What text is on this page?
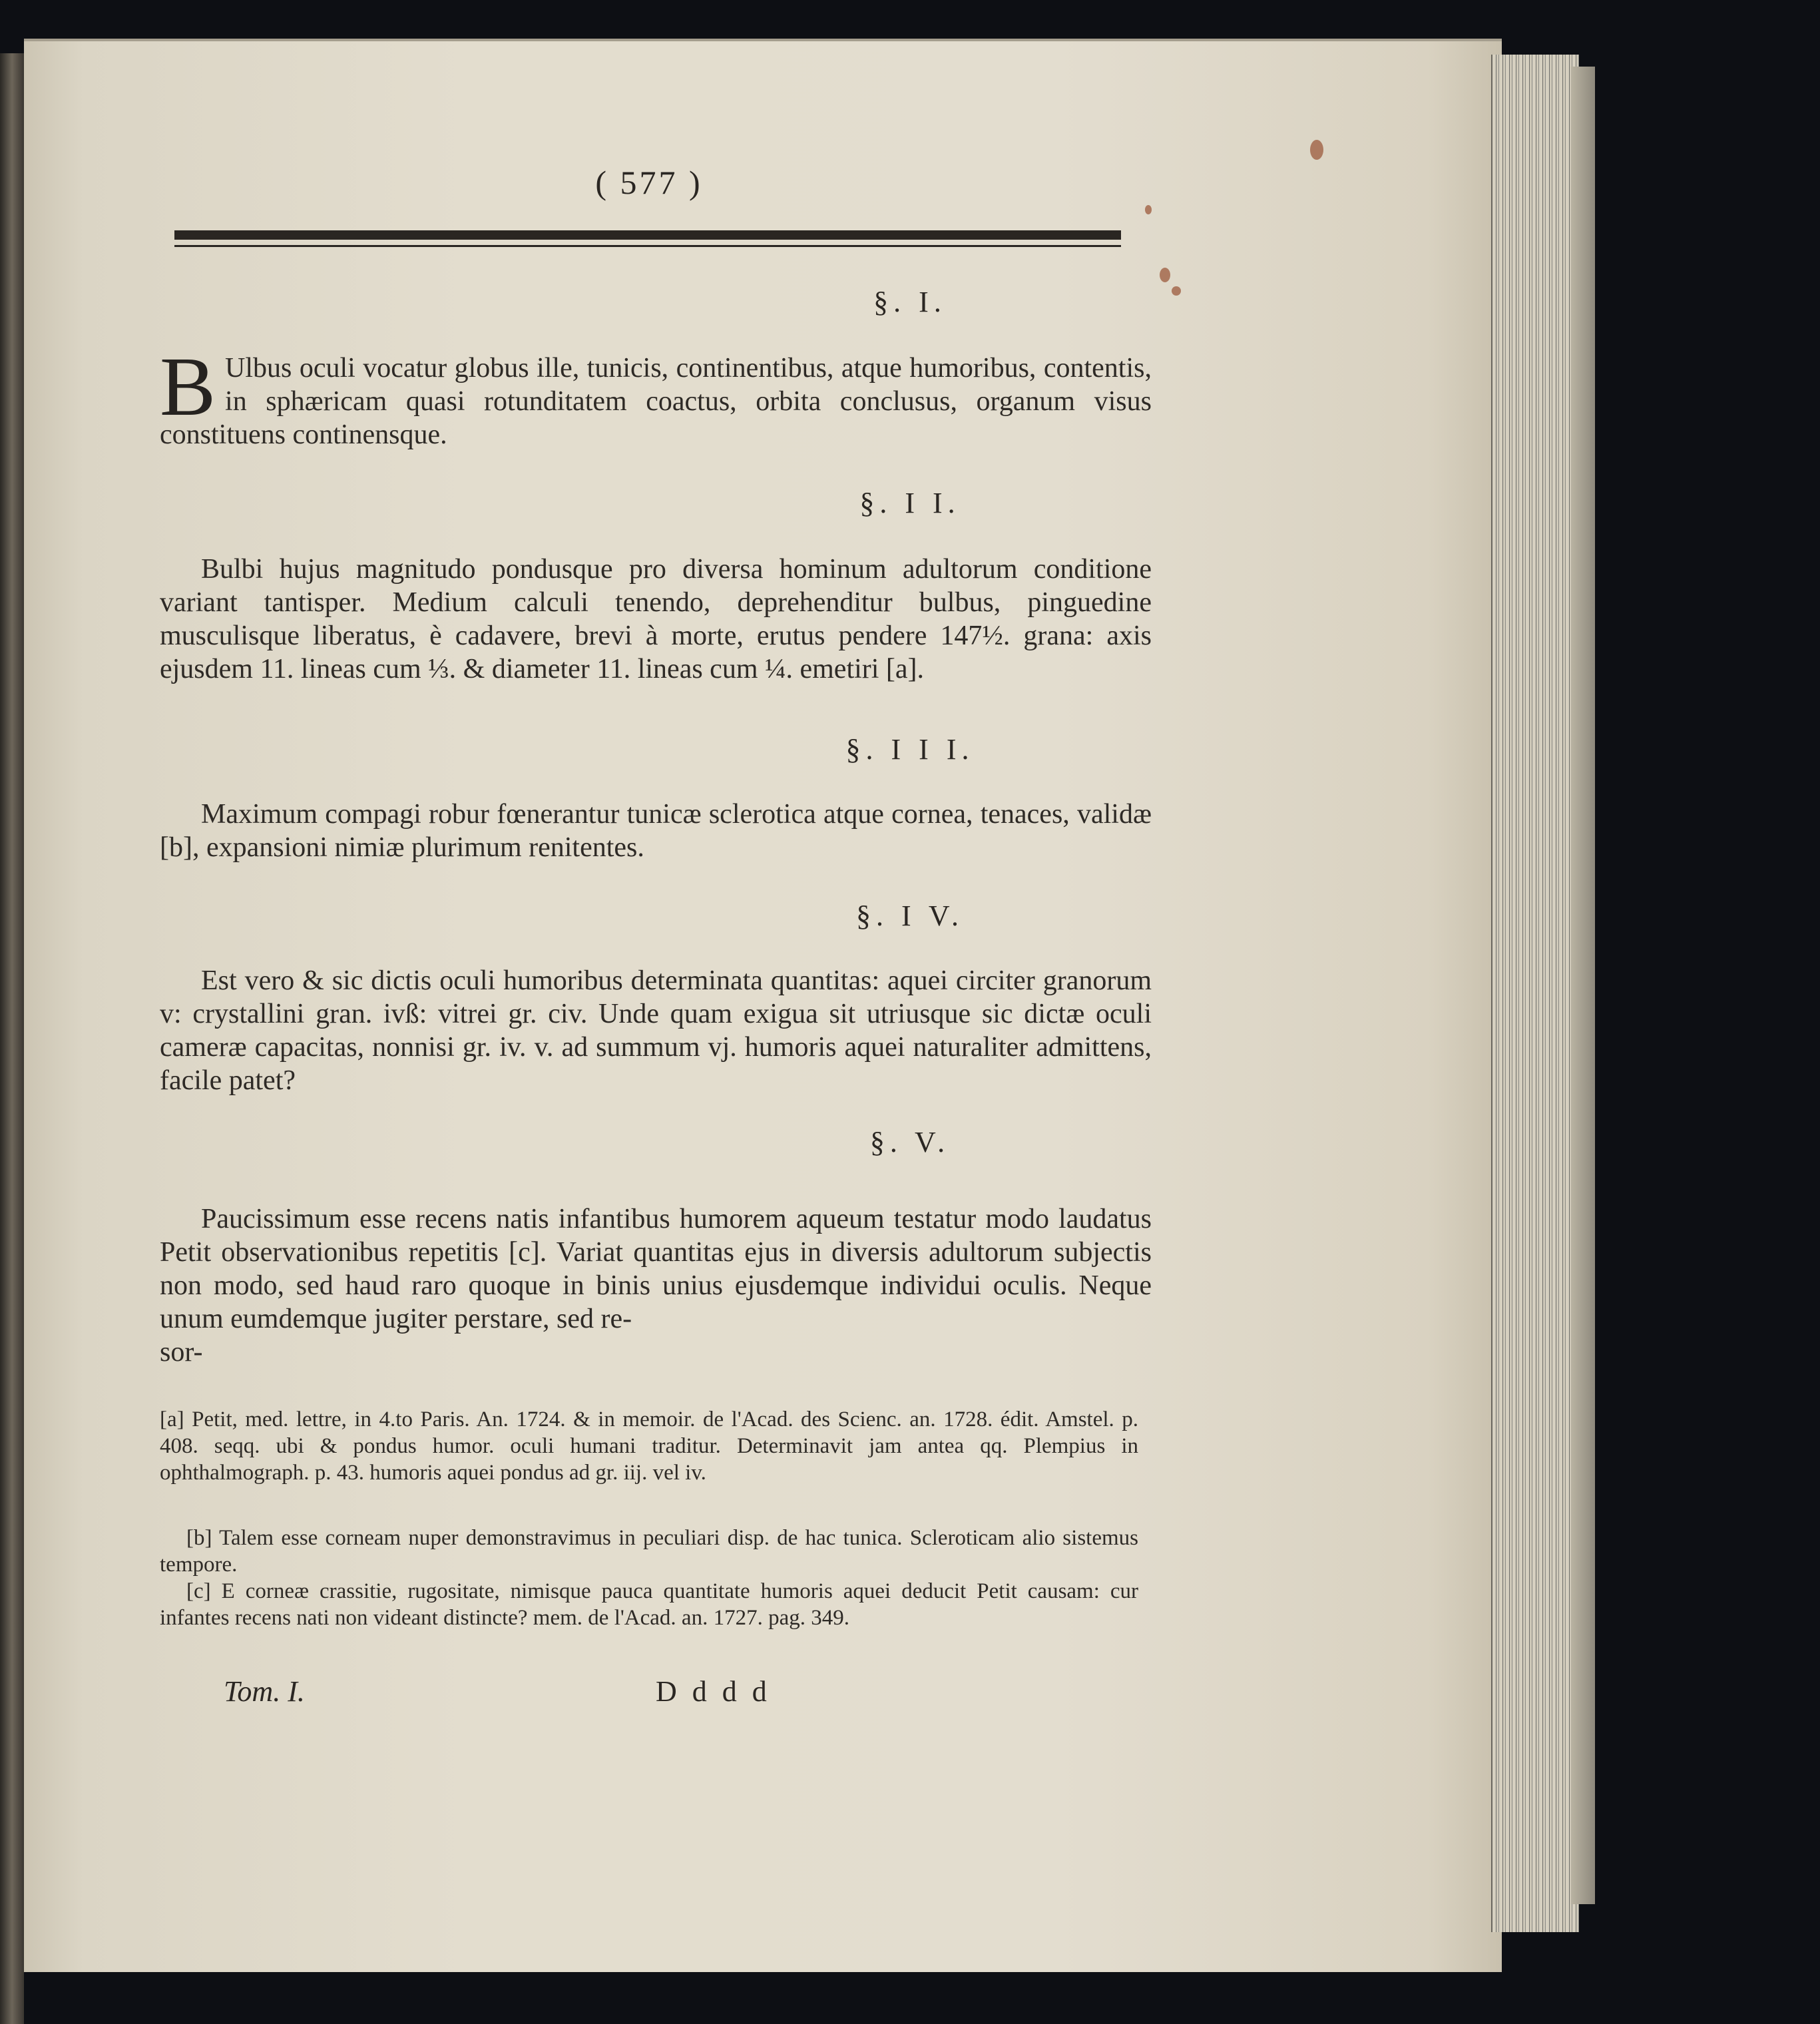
( 577 )
§. I.

B Ulbus oculi vocatur globus ille, tunicis, continentibus, atque humoribus, contentis, in sphæricam quasi rotunditatem coactus, orbita conclusus, organum visus constituens continensque.

§. I I.

Bulbi hujus magnitudo pondusque pro diversa hominum adultorum conditione variant tantisper. Medium calculi tenendo, deprehenditur bulbus, pinguedine musculisque liberatus, è cadavere, brevi à morte, erutus pendere 147½. grana: axis ejusdem 11. lineas cum ⅓. & diameter 11. lineas cum ¼. emetiri [a].

§. I I I.

Maximum compagi robur fœnerantur tunicæ sclerotica atque cornea, tenaces, validæ [b], expansioni nimiæ plurimum renitentes.

§. I V.

Est vero & sic dictis oculi humoribus determinata quantitas: aquei circiter granorum v: crystallini gran. ivß: vitrei gr. civ. Unde quam exigua sit utriusque sic dictæ oculi cameræ capacitas, nonnisi gr. iv. v. ad summum vj. humoris aquei naturaliter admittens, facile patet?

§. V.

Paucissimum esse recens natis infantibus humorem aqueum testatur modo laudatus Petit observationibus repetitis [c]. Variat quantitas ejus in diversis adultorum subjectis non modo, sed haud raro quoque in binis unius ejusdemque individui oculis. Neque unum eumdemque jugiter perstare, sed re-

sor-

[a] Petit, med. lettre, in 4.to Paris. An. 1724. & in memoir. de l'Acad. des Scienc. an. 1728. édit. Amstel. p. 408. seqq. ubi & pondus humor. oculi humani traditur. Determinavit jam antea qq. Plempius in ophthalmograph. p. 43. humoris aquei pondus ad gr. iij. vel iv.
[b] Talem esse corneam nuper demonstravimus in peculiari disp. de hac tunica. Scleroticam alio sistemus tempore.
[c] E corneæ crassitie, rugositate, nimisque pauca quantitate humoris aquei deducit Petit causam: cur infantes recens nati non videant distincte? mem. de l'Acad. an. 1727. pag. 349.
Tom. I.	D d d d
